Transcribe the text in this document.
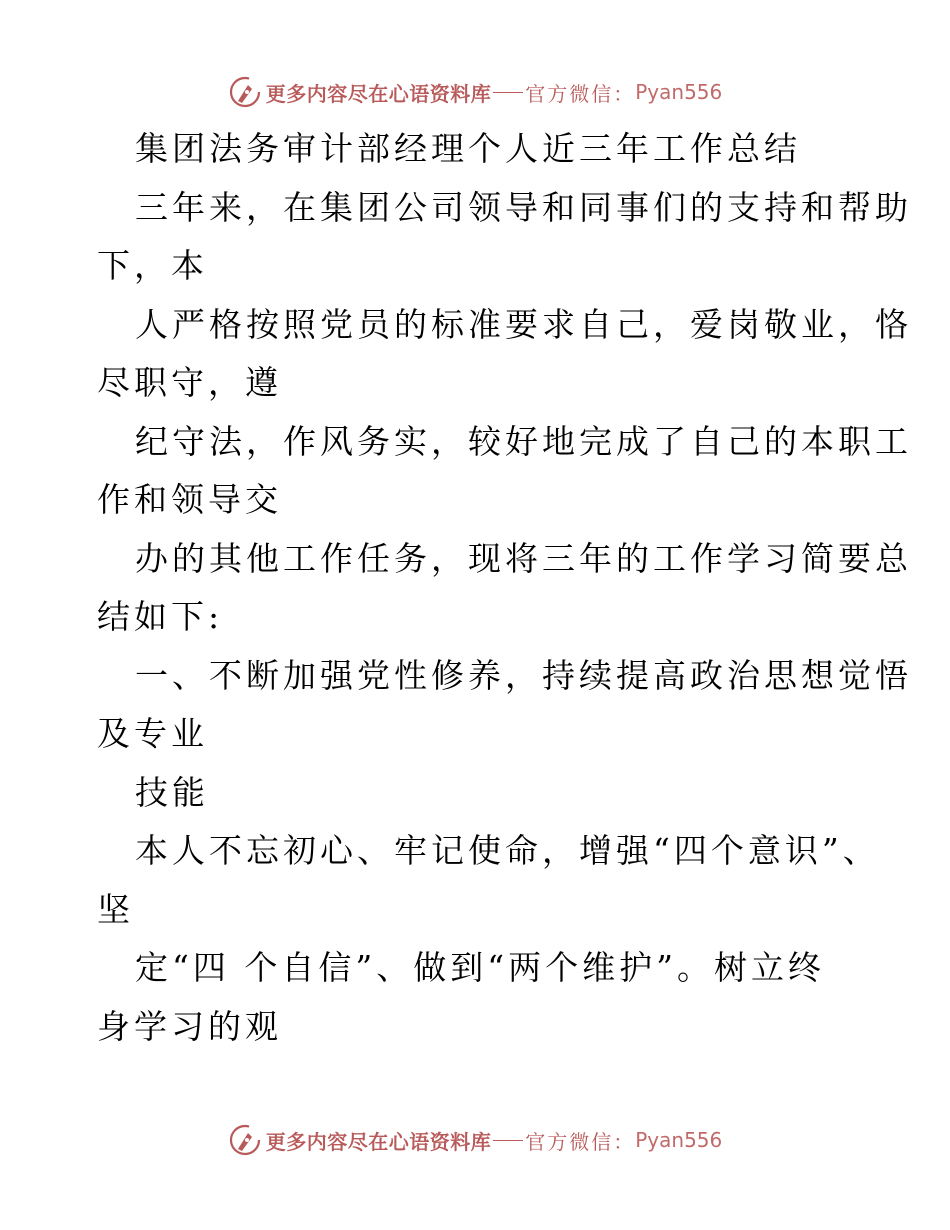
更多内容尽在心语资料库 官方微信： Pyan556
集团法务审计部经理个人近三年工作总结
三年来，在集团公司领导和同事们的支持和帮助
下，本
人严格按照党员的标准要求自己，爱岗敬业，恪
尽职守，遵
纪守法，作风务实，较好地完成了自己的本职工
作和领导交
办的其他工作任务，现将三年的工作学习简要总
结如下:
一、不断加强党性修养，持续提高政治思想觉悟
及专业
技能
本人不忘初心、牢记使命，增强“四个意识”、
坚
定“四 个自信”、做到“两个维护”。树立终
身学习的观
更多内容尽在心语资料库 官方微信： Pyan556
